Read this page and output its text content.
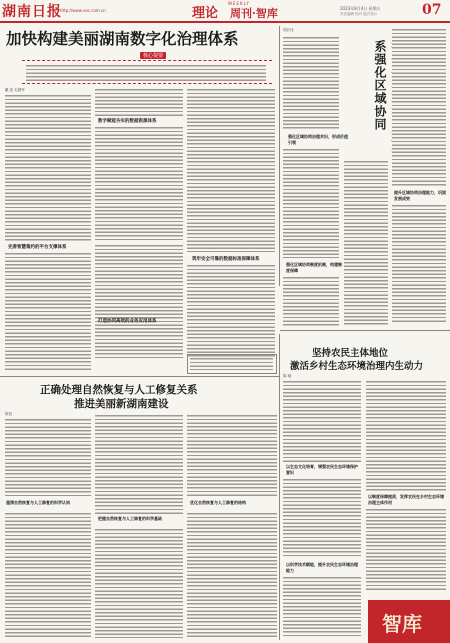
湖南日报
http://www.voc.com.cn	理论
WEEKLY
周刊·智库	2023年8月4日 星期五
责任编辑 校对 版式设计	07
加快构建美丽湖南数字化治理体系
核心提要
戴 星 毛德军
完善智慧集约的平台支撑体系
数字赋能夯实的数据资源体系
打造协同高效的业务应用体系
筑牢安全可靠的数据标准保障体系
胡长伟
系强化区域协同
强化区域协同治理共识，形成价值引领
提升区域协同治理能力，巩固发展成效
强化区域协同制度机制，构建制度保障
坚持农民主体地位
激活乡村生态环境治理内生动力
陈 晓
以生态文化培育，增强农民生态环境保护意识
以科学技术赋能，提升农民生态环境治理能力
以制度保障提质，发挥农民在乡村生态环境治理主体作用
智库
正确处理自然恢复与人工修复关系
推进美丽新湖南建设
陈昌
厘清自然恢复与人工修复的科学认知
把握自然恢复与人工修复的科学基础
优化自然恢复与人工修复的结构
